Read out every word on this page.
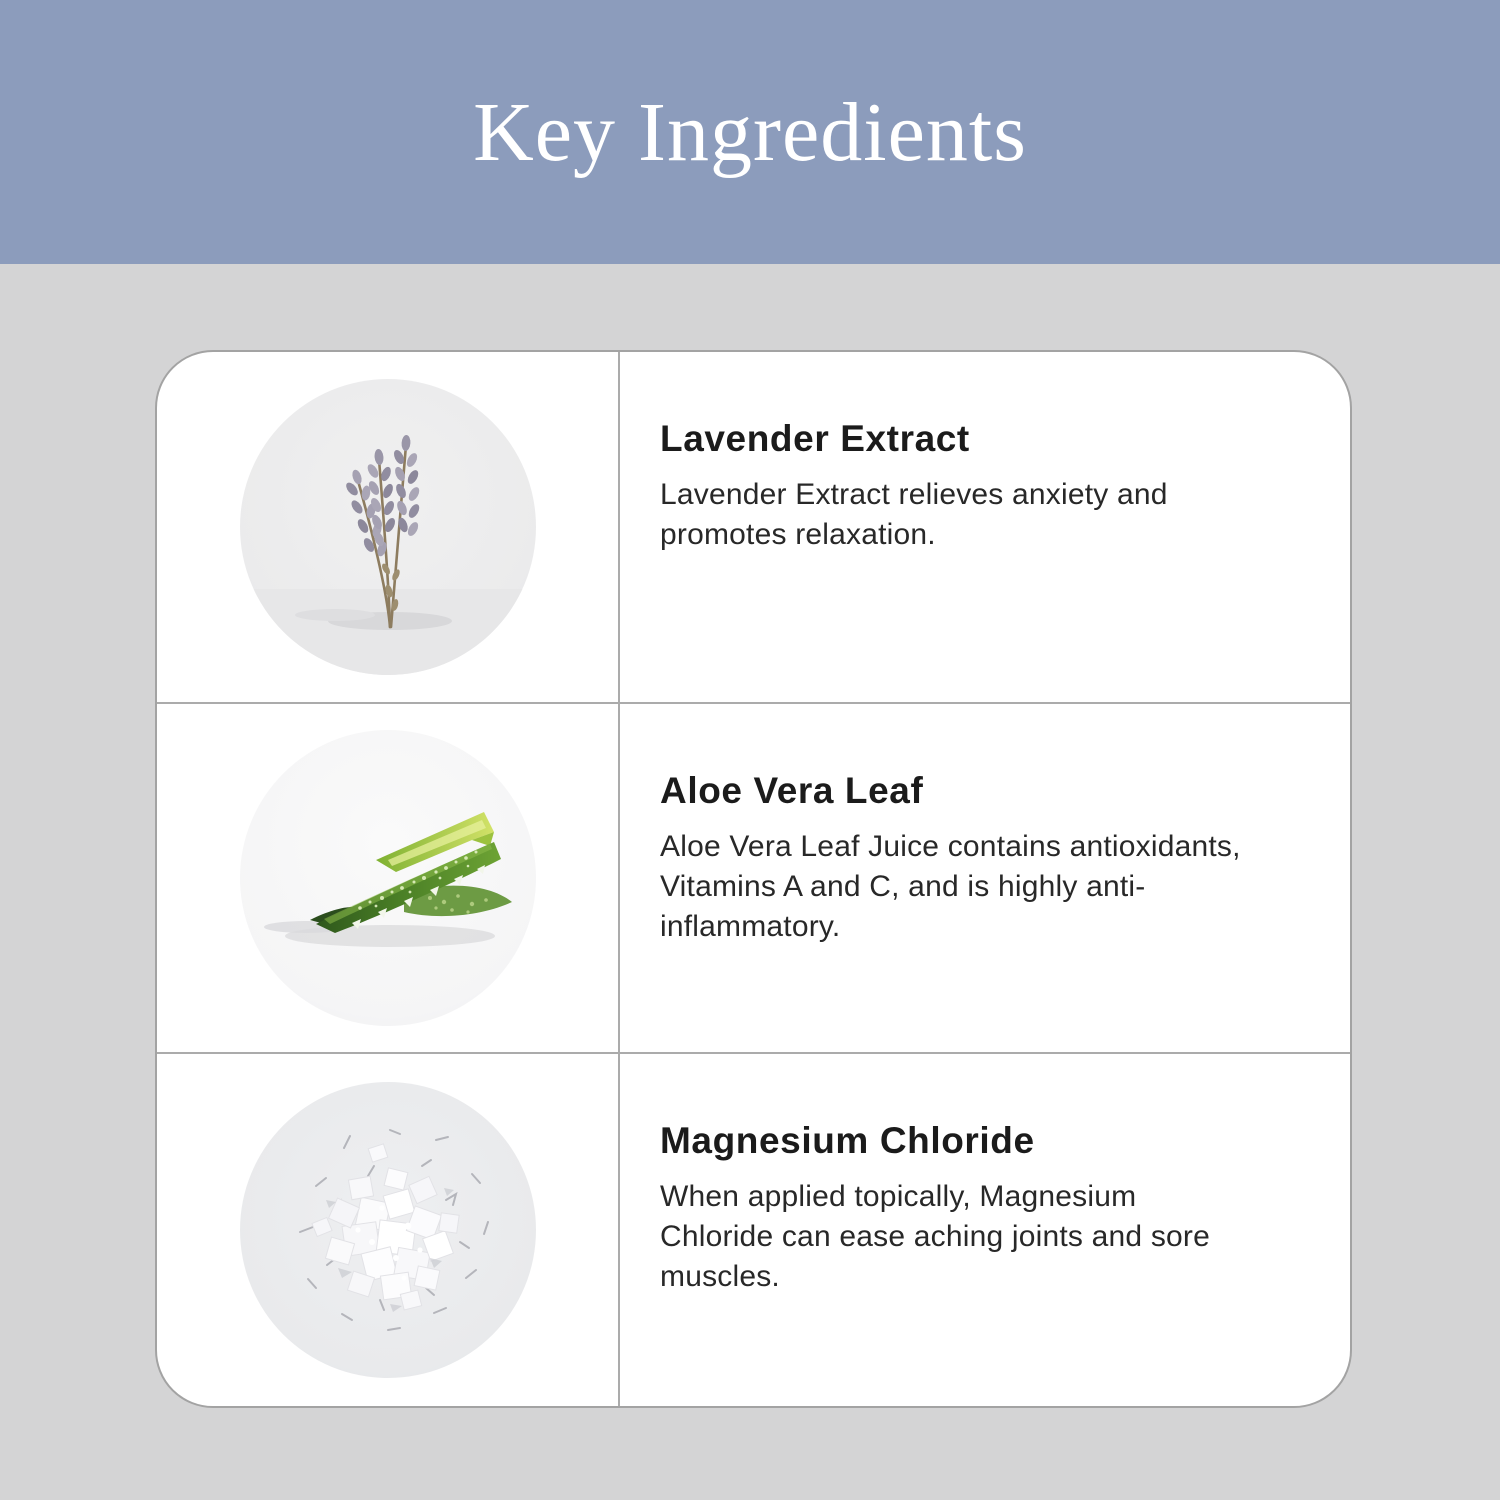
Key Ingredients
Lavender Extract

Lavender Extract relieves anxiety and promotes relaxation.

Aloe Vera Leaf

Aloe Vera Leaf Juice contains antioxidants, Vitamins A and C, and is highly anti-inflammatory.

Magnesium Chloride

When applied topically, Magnesium Chloride can ease aching joints and sore muscles.
